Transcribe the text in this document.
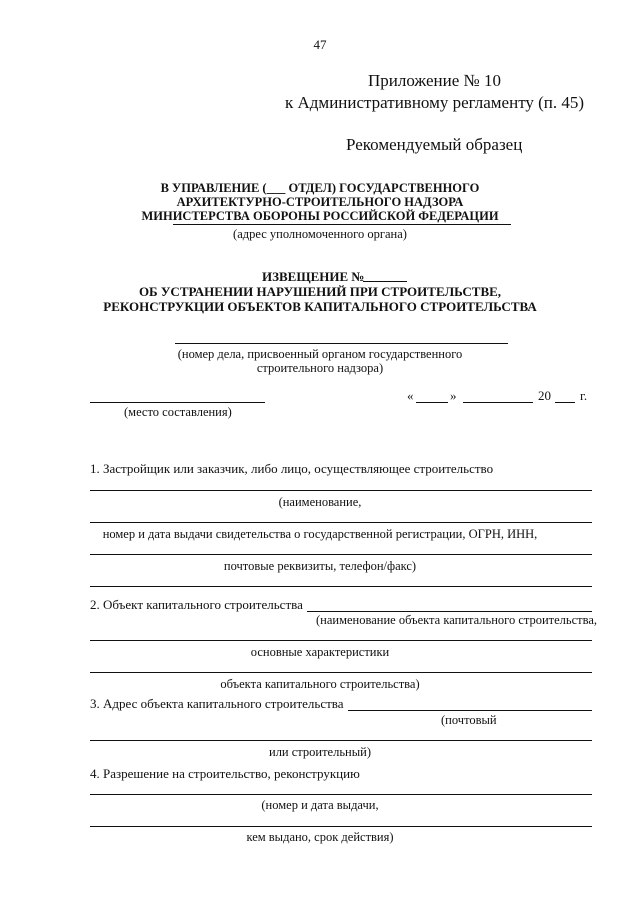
47
Приложение № 10
к Административному регламенту (п. 45)
Рекомендуемый образец
В УПРАВЛЕНИЕ (___ ОТДЕЛ) ГОСУДАРСТВЕННОГО
АРХИТЕКТУРНО-СТРОИТЕЛЬНОГО НАДЗОРА
МИНИСТЕРСТВА ОБОРОНЫ РОССИЙСКОЙ ФЕДЕРАЦИИ
(адрес уполномоченного органа)
ИЗВЕЩЕНИЕ №
ОБ УСТРАНЕНИИ НАРУШЕНИЙ ПРИ СТРОИТЕЛЬСТВЕ,
РЕКОНСТРУКЦИИ ОБЪЕКТОВ КАПИТАЛЬНОГО СТРОИТЕЛЬСТВА
(номер дела, присвоенный органом государственного
строительного надзора)
(место составления)
«	»	20 г.
1. Застройщик или заказчик, либо лицо, осуществляющее строительство
(наименование,
номер и дата выдачи свидетельства о государственной регистрации, ОГРН, ИНН,
почтовые реквизиты, телефон/факс)
2. Объект капитального строительства
(наименование объекта капитального строительства,
основные характеристики
объекта капитального строительства)
3. Адрес объекта капитального строительства
(почтовый
или строительный)
4. Разрешение на строительство, реконструкцию
(номер и дата выдачи,
кем выдано, срок действия)
